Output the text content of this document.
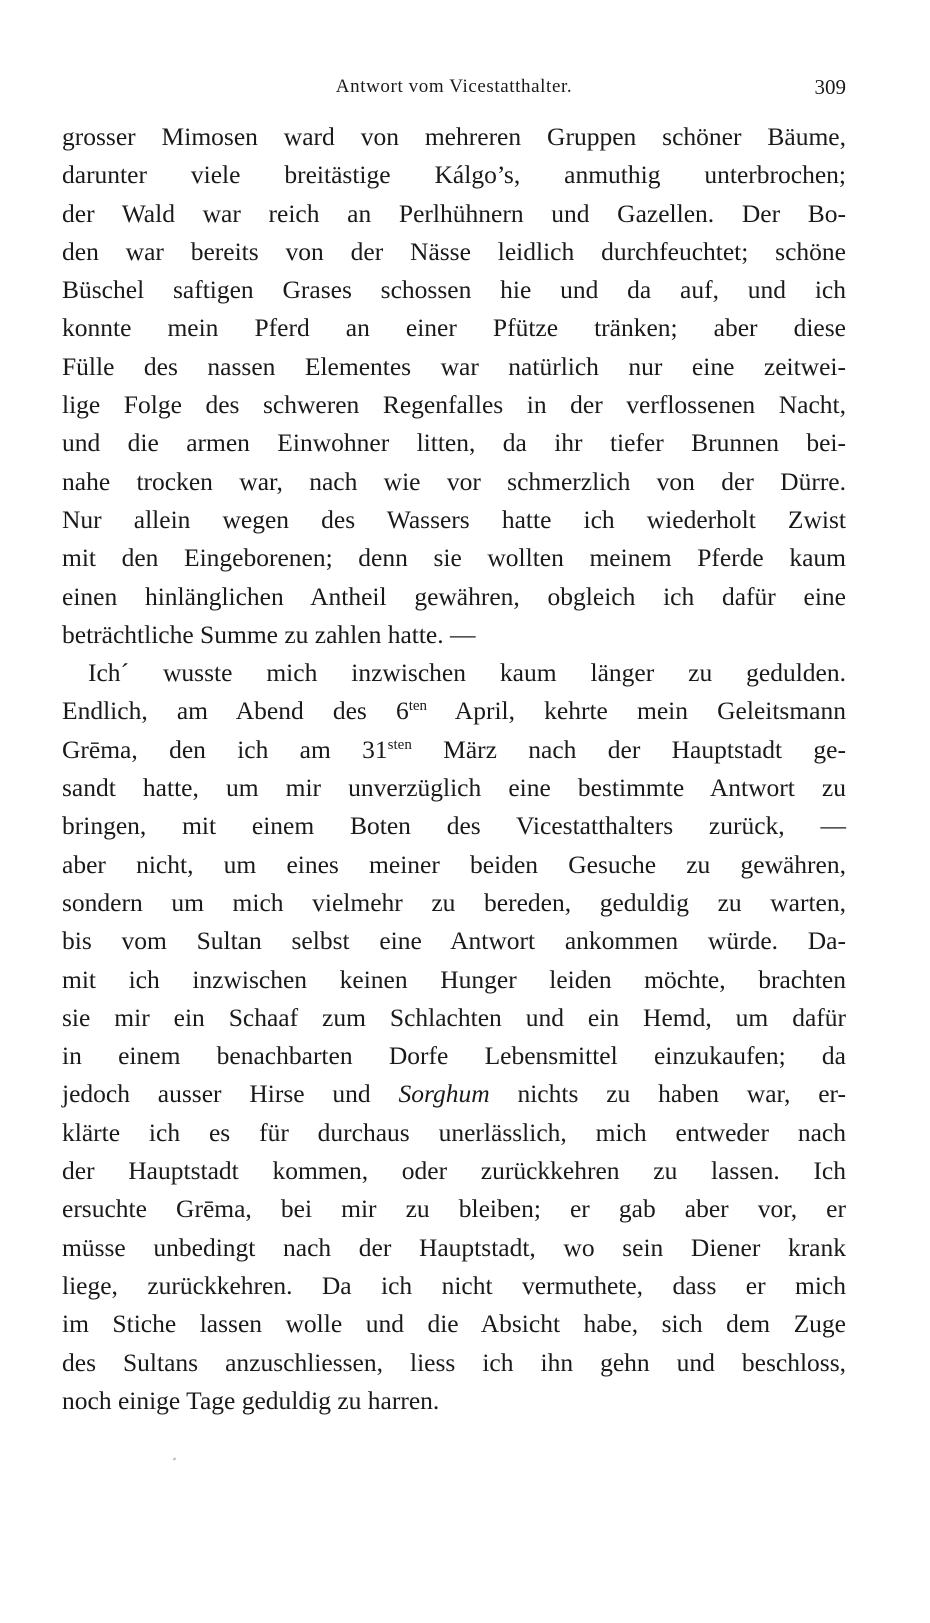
Antwort vom Vicestatthalter.	309
grosser Mimosen ward von mehreren Gruppen schöner Bäume,
darunter viele breitästige Kálgo’s, anmuthig unterbrochen;
der Wald war reich an Perlhühnern und Gazellen. Der Bo-
den war bereits von der Nässe leidlich durchfeuchtet; schöne
Büschel saftigen Grases schossen hie und da auf, und ich
konnte mein Pferd an einer Pfütze tränken; aber diese
Fülle des nassen Elementes war natürlich nur eine zeitwei-
lige Folge des schweren Regenfalles in der verflossenen Nacht,
und die armen Einwohner litten, da ihr tiefer Brunnen bei-
nahe trocken war, nach wie vor schmerzlich von der Dürre.
Nur allein wegen des Wassers hatte ich wiederholt Zwist
mit den Eingeborenen; denn sie wollten meinem Pferde kaum
einen hinlänglichen Antheil gewähren, obgleich ich dafür eine
beträchtliche Summe zu zahlen hatte. —
Ich´ wusste mich inzwischen kaum länger zu gedulden.
Endlich, am Abend des $6^{ten}$ April, kehrte mein Geleitsmann
Grēma, den ich am $31^{sten}$ März nach der Hauptstadt ge-
sandt hatte, um mir unverzüglich eine bestimmte Antwort zu
bringen, mit einem Boten des Vicestatthalters zurück, —
aber nicht, um eines meiner beiden Gesuche zu gewähren,
sondern um mich vielmehr zu bereden, geduldig zu warten,
bis vom Sultan selbst eine Antwort ankommen würde. Da-
mit ich inzwischen keinen Hunger leiden möchte, brachten
sie mir ein Schaaf zum Schlachten und ein Hemd, um dafür
in einem benachbarten Dorfe Lebensmittel einzukaufen; da
jedoch ausser Hirse und Sorghum nichts zu haben war, er-
klärte ich es für durchaus unerlässlich, mich entweder nach
der Hauptstadt kommen, oder zurückkehren zu lassen. Ich
ersuchte Grēma, bei mir zu bleiben; er gab aber vor, er
müsse unbedingt nach der Hauptstadt, wo sein Diener krank
liege, zurückkehren. Da ich nicht vermuthete, dass er mich
im Stiche lassen wolle und die Absicht habe, sich dem Zuge
des Sultans anzuschliessen, liess ich ihn gehn und beschloss,
noch einige Tage geduldig zu harren.
